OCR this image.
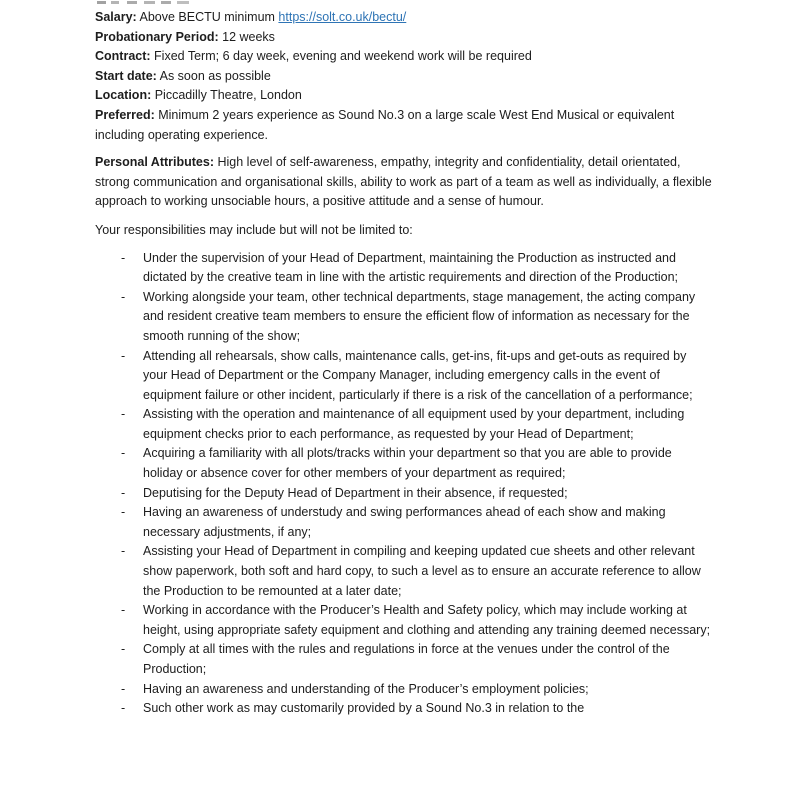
Salary: Above BECTU minimum https://solt.co.uk/bectu/
Probationary Period: 12 weeks
Contract: Fixed Term; 6 day week, evening and weekend work will be required
Start date: As soon as possible
Location: Piccadilly Theatre, London
Preferred: Minimum 2 years experience as Sound No.3 on a large scale West End Musical or equivalent including operating experience.

Personal Attributes: High level of self-awareness, empathy, integrity and confidentiality, detail orientated, strong communication and organisational skills, ability to work as part of a team as well as individually, a flexible approach to working unsociable hours, a positive attitude and a sense of humour.

Your responsibilities may include but will not be limited to:

-	Under the supervision of your Head of Department, maintaining the Production as instructed and dictated by the creative team in line with the artistic requirements and direction of the Production;
-	Working alongside your team, other technical departments, stage management, the acting company and resident creative team members to ensure the efficient flow of information as necessary for the smooth running of the show;
-	Attending all rehearsals, show calls, maintenance calls, get-ins, fit-ups and get-outs as required by your Head of Department or the Company Manager, including emergency calls in the event of equipment failure or other incident, particularly if there is a risk of the cancellation of a performance;
-	Assisting with the operation and maintenance of all equipment used by your department, including equipment checks prior to each performance, as requested by your Head of Department;
-	Acquiring a familiarity with all plots/tracks within your department so that you are able to provide holiday or absence cover for other members of your department as required;
-	Deputising for the Deputy Head of Department in their absence, if requested;
-	Having an awareness of understudy and swing performances ahead of each show and making necessary adjustments, if any;
-	Assisting your Head of Department in compiling and keeping updated cue sheets and other relevant show paperwork, both soft and hard copy, to such a level as to ensure an accurate reference to allow the Production to be remounted at a later date;
-	Working in accordance with the Producer’s Health and Safety policy, which may include working at height, using appropriate safety equipment and clothing and attending any training deemed necessary;
-	Comply at all times with the rules and regulations in force at the venues under the control of the Production;
-	Having an awareness and understanding of the Producer’s employment policies;
-	Such other work as may customarily provided by a Sound No.3 in relation to the
